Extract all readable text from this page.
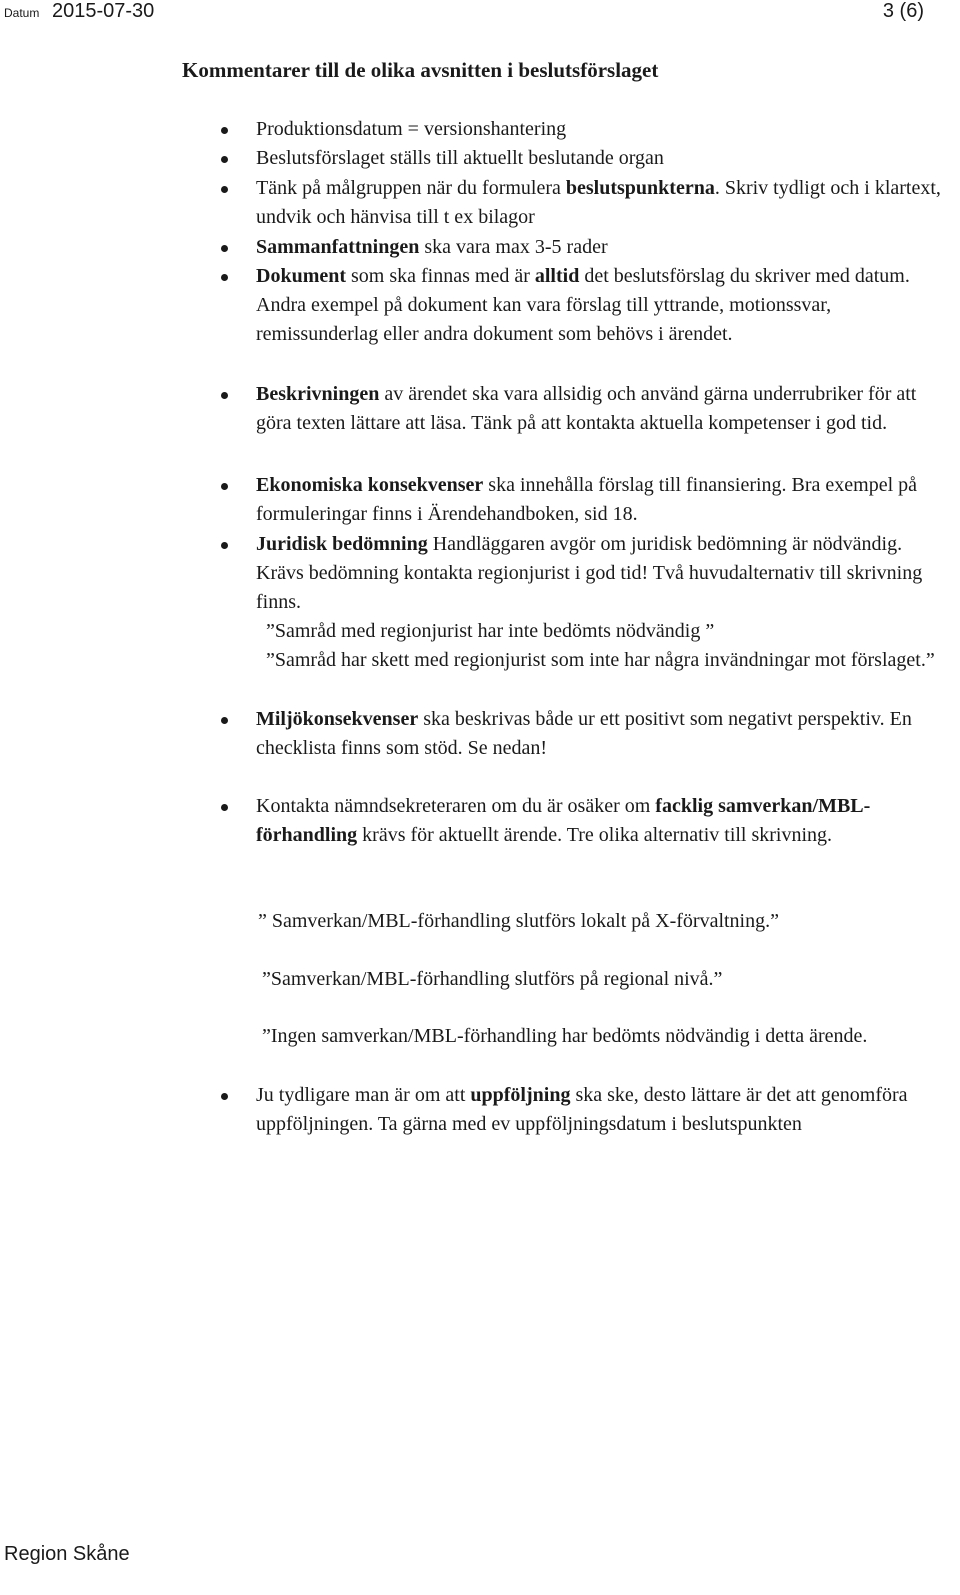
Datum 2015-07-30	3 (6)
Kommentarer till de olika avsnitten i beslutsförslaget
Produktionsdatum = versionshantering
Beslutsförslaget ställs till aktuellt beslutande organ
Tänk på målgruppen när du formulera beslutspunkterna. Skriv tydligt och i klartext, undvik och hänvisa till t ex bilagor
Sammanfattningen ska vara max 3-5 rader
Dokument som ska finnas med är alltid det beslutsförslag du skriver med datum. Andra exempel på dokument kan vara förslag till yttrande, motionssvar, remissunderlag eller andra dokument som behövs i ärendet.
Beskrivningen av ärendet ska vara allsidig och använd gärna underrubriker för att göra texten lättare att läsa. Tänk på att kontakta aktuella kompetenser i god tid.
Ekonomiska konsekvenser ska innehålla förslag till finansiering. Bra exempel på formuleringar finns i Ärendehandboken, sid 18.
Juridisk bedömning Handläggaren avgör om juridisk bedömning är nödvändig. Krävs bedömning kontakta regionjurist i god tid! Två huvudalternativ till skrivning finns.
”Samråd med regionjurist har inte bedömts nödvändig ”
”Samråd har skett med regionjurist som inte har några invändningar mot förslaget.”
Miljökonsekvenser ska beskrivas både ur ett positivt som negativt perspektiv. En checklista finns som stöd. Se nedan!
Kontakta nämndsekreteraren om du är osäker om facklig samverkan/MBL-förhandling krävs för aktuellt ärende. Tre olika alternativ till skrivning.
” Samverkan/MBL-förhandling slutförs lokalt på X-förvaltning.”
”Samverkan/MBL-förhandling slutförs på regional nivå.”
”Ingen samverkan/MBL-förhandling har bedömts nödvändig i detta ärende.
Ju tydligare man är om att uppföljning ska ske, desto lättare är det att genomföra uppföljningen. Ta gärna med ev uppföljningsdatum i beslutspunkten
Region Skåne
